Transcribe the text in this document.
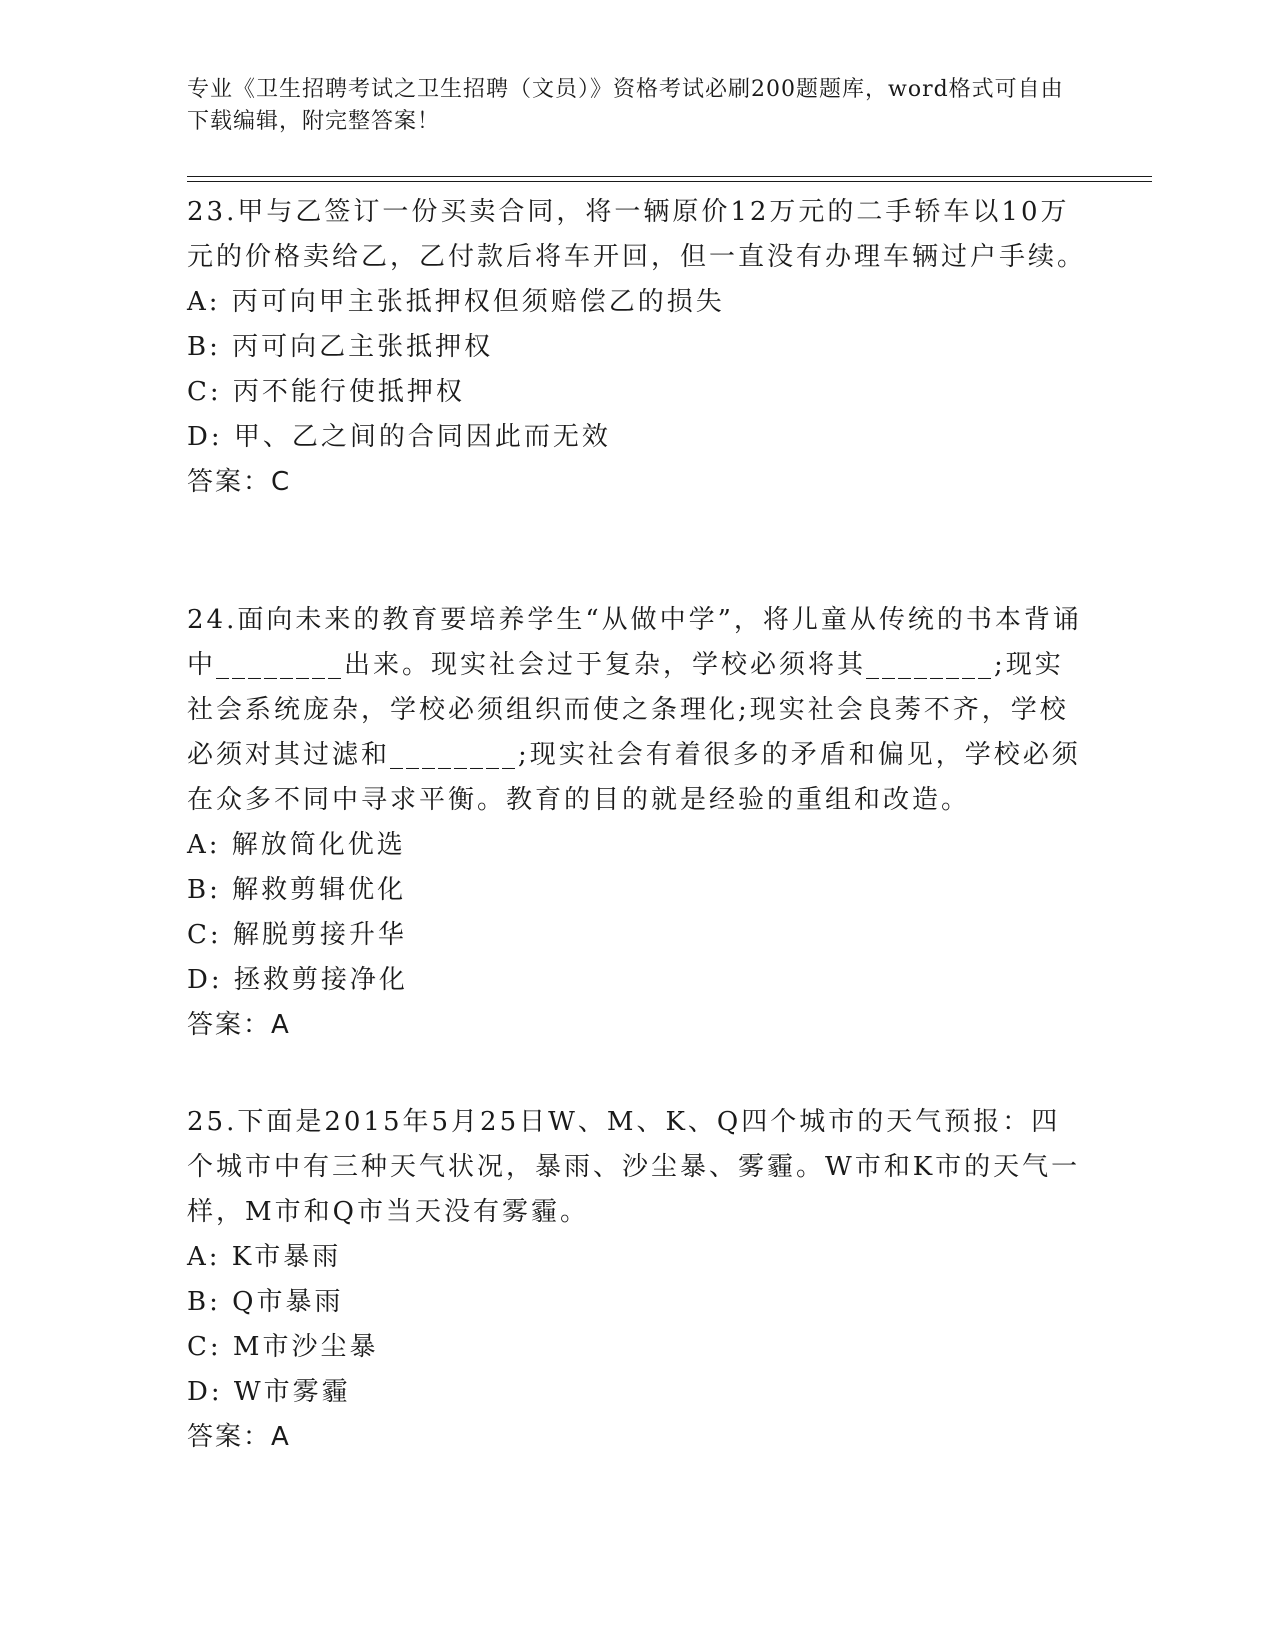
专业《卫生招聘考试之卫生招聘（文员）》资格考试必刷200题题库，word格式可自由下载编辑，附完整答案！
23.甲与乙签订一份买卖合同，将一辆原价12万元的二手轿车以10万元的价格卖给乙，乙付款后将车开回，但一直没有办理车辆过户手续。
A: 丙可向甲主张抵押权但须赔偿乙的损失
B: 丙可向乙主张抵押权
C: 丙不能行使抵押权
D: 甲、乙之间的合同因此而无效
答案：C
24.面向未来的教育要培养学生“从做中学”，将儿童从传统的书本背诵中________出来。现实社会过于复杂，学校必须将其________;现实社会系统庞杂，学校必须组织而使之条理化;现实社会良莠不齐，学校必须对其过滤和________;现实社会有着很多的矛盾和偏见，学校必须在众多不同中寻求平衡。教育的目的就是经验的重组和改造。
A: 解放简化优选
B: 解救剪辑优化
C: 解脱剪接升华
D: 拯救剪接净化
答案：A
25.下面是2015年5月25日W、M、K、Q四个城市的天气预报：四个城市中有三种天气状况，暴雨、沙尘暴、雾霾。W市和K市的天气一样，M市和Q市当天没有雾霾。
A: K市暴雨
B: Q市暴雨
C: M市沙尘暴
D: W市雾霾
答案：A
